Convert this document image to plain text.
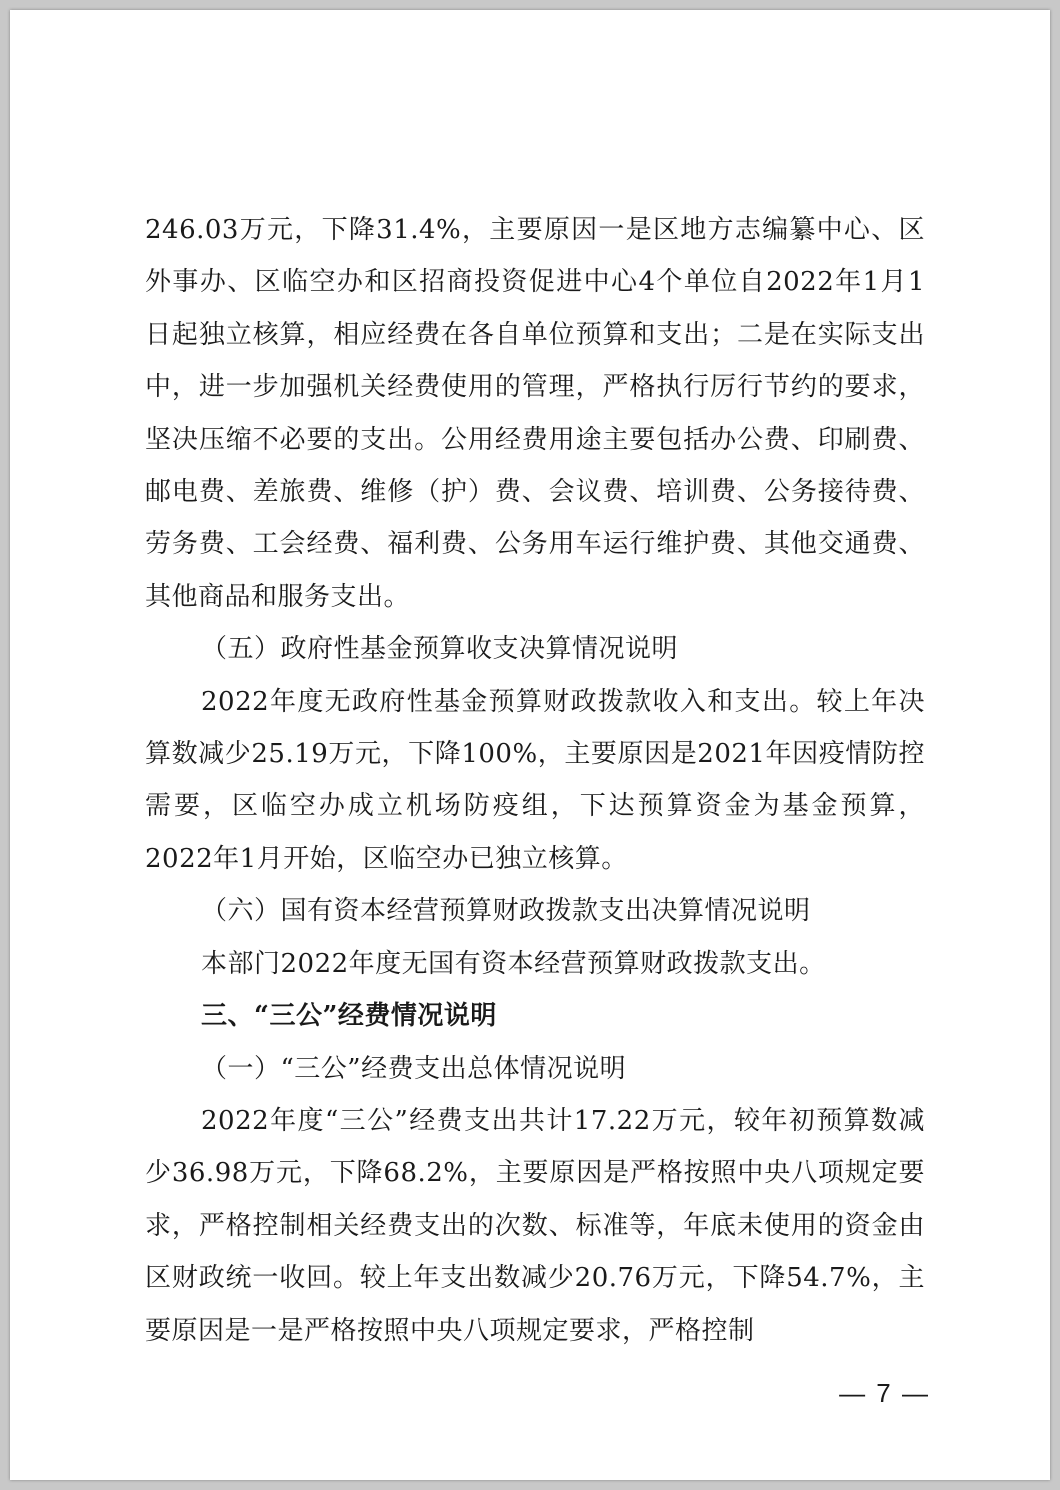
246.03万元，下降31.4%，主要原因一是区地方志编纂中心、区外事办、区临空办和区招商投资促进中心4个单位自2022年1月1日起独立核算，相应经费在各自单位预算和支出；二是在实际支出中，进一步加强机关经费使用的管理，严格执行厉行节约的要求，坚决压缩不必要的支出。公用经费用途主要包括办公费、印刷费、邮电费、差旅费、维修（护）费、会议费、培训费、公务接待费、劳务费、工会经费、福利费、公务用车运行维护费、其他交通费、其他商品和服务支出。

（五）政府性基金预算收支决算情况说明

2022年度无政府性基金预算财政拨款收入和支出。较上年决算数减少25.19万元，下降100%，主要原因是2021年因疫情防控需要，区临空办成立机场防疫组，下达预算资金为基金预算，2022年1月开始，区临空办已独立核算。

（六）国有资本经营预算财政拨款支出决算情况说明

本部门2022年度无国有资本经营预算财政拨款支出。

三、“三公”经费情况说明

（一）“三公”经费支出总体情况说明

2022年度“三公”经费支出共计17.22万元，较年初预算数减少36.98万元，下降68.2%，主要原因是严格按照中央八项规定要求，严格控制相关经费支出的次数、标准等，年底未使用的资金由区财政统一收回。较上年支出数减少20.76万元，下降54.7%，主要原因是一是严格按照中央八项规定要求，严格控制

— 7 —
